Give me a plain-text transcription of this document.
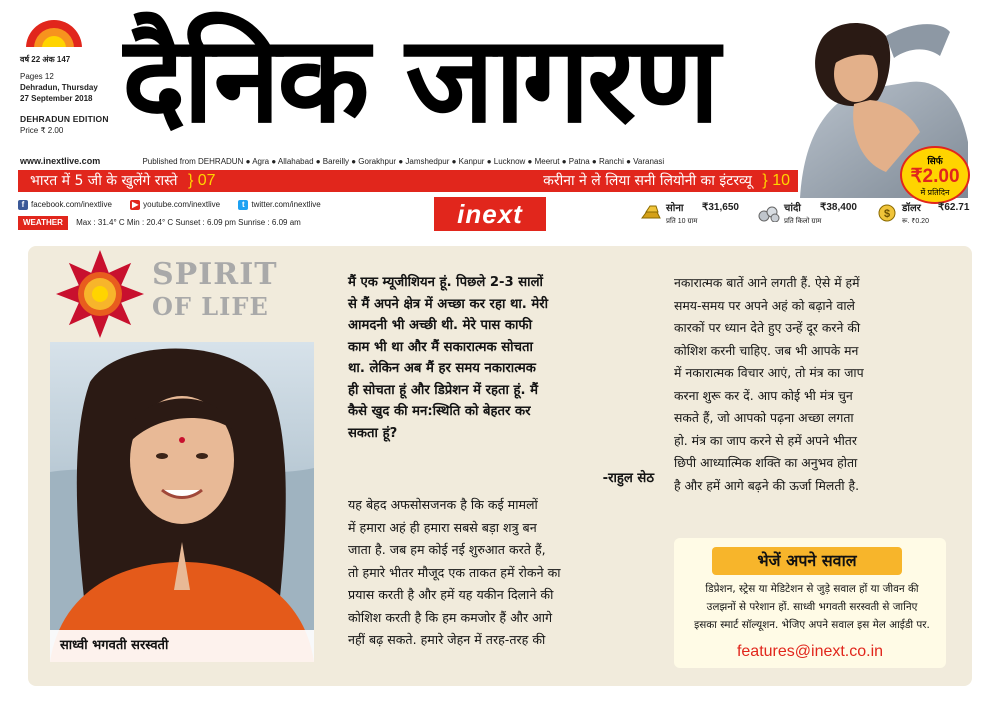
वर्ष 22 अंक 147
Pages 12
Dehradun, Thursday
27 September 2018
DEHRADUN EDITION
Price ₹ 2.00 दैनिक जागरण
सिर्फ
₹2.00
में प्रतिदिन
www.inextlive.com	Published from DEHRADUN ● Agra ● Allahabad ● Bareilly ● Gorakhpur ● Jamshedpur ● Kanpur ● Lucknow ● Meerut ● Patna ● Ranchi ● Varanasi
भारत में 5 जी के खुलेंगे रास्ते } 07	करीना ने ले लिया सनी लियोनी का इंटरव्यू } 10
f facebook.com/inextlive	▶ youtube.com/inextlive	t twitter.com/inextlive
WEATHER Max : 31.4° C Min : 20.4° C Sunset : 6.09 pm Sunrise : 6.09 am	inext	सोना ₹31,650
प्रति 10 ग्राम
चांदी ₹38,400
प्रति किलो ग्राम
$ डॉलर ₹62.71
रू. ₹0.20
SPIRIT
OF LIFE
साध्वी भगवती सरस्वती

मैं एक म्यूजीशियन हूं. पिछले 2-3 सालों

से मैं अपने क्षेत्र में अच्छा कर रहा था. मेरी

आमदनी भी अच्छी थी. मेरे पास काफी

काम भी था और मैं सकारात्मक सोचता

था. लेकिन अब मैं हर समय नकारात्मक

ही सोचता हूं और डिप्रेशन में रहता हूं. मैं

कैसे खुद की मन:स्थिति को बेहतर कर

सकता हूं?

-राहुल सेठ

यह बेहद अफसोसजनक है कि कई मामलों

में हमारा अहं ही हमारा सबसे बड़ा शत्रु बन

जाता है. जब हम कोई नई शुरुआत करते हैं,

तो हमारे भीतर मौजूद एक ताकत हमें रोकने का

प्रयास करती है और हमें यह यकीन दिलाने की

कोशिश करती है कि हम कमजोर हैं और आगे

नहीं बढ़ सकते. हमारे जेहन में तरह-तरह की

नकारात्मक बातें आने लगती हैं. ऐसे में हमें

समय-समय पर अपने अहं को बढ़ाने वाले

कारकों पर ध्यान देते हुए उन्हें दूर करने की

कोशिश करनी चाहिए. जब भी आपके मन

में नकारात्मक विचार आएं, तो मंत्र का जाप

करना शुरू कर दें. आप कोई भी मंत्र चुन

सकते हैं, जो आपको पढ़ना अच्छा लगता

हो. मंत्र का जाप करने से हमें अपने भीतर

छिपी आध्यात्मिक शक्ति का अनुभव होता

है और हमें आगे बढ़ने की ऊर्जा मिलती है.

भेजें अपने सवाल

डिप्रेशन, स्ट्रेस या मेडिटेशन से जुड़े सवाल हों या जीवन की

उलझनों से परेशान हों. साध्वी भगवती सरस्वती से जानिए

इसका स्मार्ट सॉल्यूशन. भेजिए अपने सवाल इस मेल आईडी पर.

features@inext.co.in
